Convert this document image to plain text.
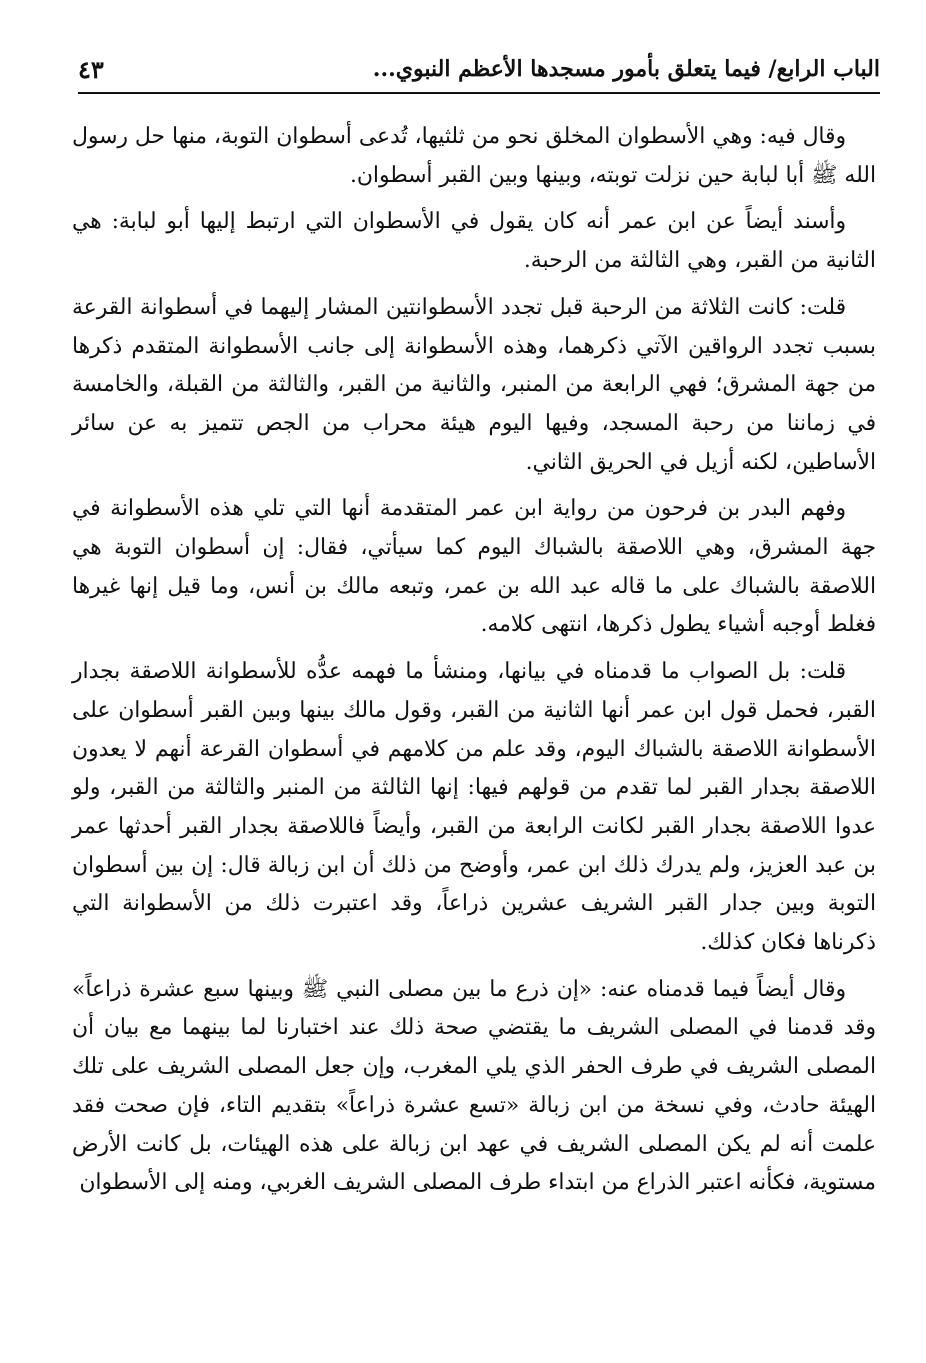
الباب الرابع/ فيما يتعلق بأمور مسجدها الأعظم النبوي...
٤٣

وقال فيه: وهي الأسطوان المخلق نحو من ثلثيها، تُدعى أسطوان التوبة، منها حل رسول الله ﷺ أبا لبابة حين نزلت توبته، وبينها وبين القبر أسطوان.

وأسند أيضاً عن ابن عمر أنه كان يقول في الأسطوان التي ارتبط إليها أبو لبابة: هي الثانية من القبر، وهي الثالثة من الرحبة.

قلت: كانت الثلاثة من الرحبة قبل تجدد الأسطوانتين المشار إليهما في أسطوانة القرعة بسبب تجدد الرواقين الآتي ذكرهما، وهذه الأسطوانة إلى جانب الأسطوانة المتقدم ذكرها من جهة المشرق؛ فهي الرابعة من المنبر، والثانية من القبر، والثالثة من القبلة، والخامسة في زماننا من رحبة المسجد، وفيها اليوم هيئة محراب من الجص تتميز به عن سائر الأساطين، لكنه أزيل في الحريق الثاني.

وفهم البدر بن فرحون من رواية ابن عمر المتقدمة أنها التي تلي هذه الأسطوانة في جهة المشرق، وهي اللاصقة بالشباك اليوم كما سيأتي، فقال: إن أسطوان التوبة هي اللاصقة بالشباك على ما قاله عبد الله بن عمر، وتبعه مالك بن أنس، وما قيل إنها غيرها فغلط أوجبه أشياء يطول ذكرها، انتهى كلامه.

قلت: بل الصواب ما قدمناه في بيانها، ومنشأ ما فهمه عدُّه للأسطوانة اللاصقة بجدار القبر، فحمل قول ابن عمر أنها الثانية من القبر، وقول مالك بينها وبين القبر أسطوان على الأسطوانة اللاصقة بالشباك اليوم، وقد علم من كلامهم في أسطوان القرعة أنهم لا يعدون اللاصقة بجدار القبر لما تقدم من قولهم فيها: إنها الثالثة من المنبر والثالثة من القبر، ولو عدوا اللاصقة بجدار القبر لكانت الرابعة من القبر، وأيضاً فاللاصقة بجدار القبر أحدثها عمر بن عبد العزيز، ولم يدرك ذلك ابن عمر، وأوضح من ذلك أن ابن زبالة قال: إن بين أسطوان التوبة وبين جدار القبر الشريف عشرين ذراعاً، وقد اعتبرت ذلك من الأسطوانة التي ذكرناها فكان كذلك.

وقال أيضاً فيما قدمناه عنه: «إن ذرع ما بين مصلى النبي ﷺ وبينها سبع عشرة ذراعاً» وقد قدمنا في المصلى الشريف ما يقتضي صحة ذلك عند اختبارنا لما بينهما مع بيان أن المصلى الشريف في طرف الحفر الذي يلي المغرب، وإن جعل المصلى الشريف على تلك الهيئة حادث، وفي نسخة من ابن زبالة «تسع عشرة ذراعاً» بتقديم التاء، فإن صحت فقد علمت أنه لم يكن المصلى الشريف في عهد ابن زبالة على هذه الهيئات، بل كانت الأرض مستوية، فكأنه اعتبر الذراع من ابتداء طرف المصلى الشريف الغربي، ومنه إلى الأسطوان
